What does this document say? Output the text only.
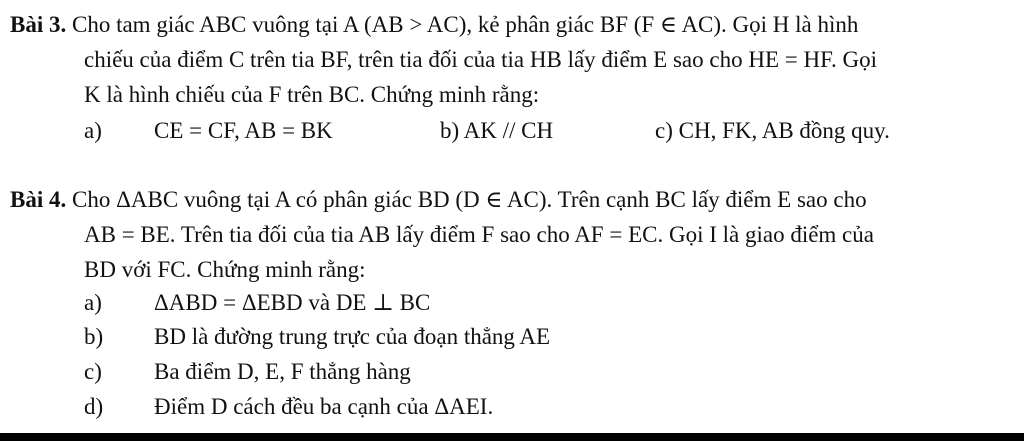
Bài 3. Cho tam giác ABC vuông tại A (AB > AC), kẻ phân giác BF (F ∈ AC). Gọi H là hình
chiếu của điểm C trên tia BF, trên tia đối của tia HB lấy điểm E sao cho HE = HF. Gọi
K là hình chiếu của F trên BC. Chứng minh rằng:
a) CE = CF, AB = BK	b) AK // CH	c) CH, FK, AB đồng quy.
Bài 4. Cho ΔABC vuông tại A có phân giác BD (D ∈ AC). Trên cạnh BC lấy điểm E sao cho
AB = BE. Trên tia đối của tia AB lấy điểm F sao cho AF = EC. Gọi I là giao điểm của
BD với FC. Chứng minh rằng:
a) ΔABD = ΔEBD và DE ⊥ BC
b) BD là đường trung trực của đoạn thẳng AE
c) Ba điểm D, E, F thẳng hàng
d) Điểm D cách đều ba cạnh của ΔAEI.
